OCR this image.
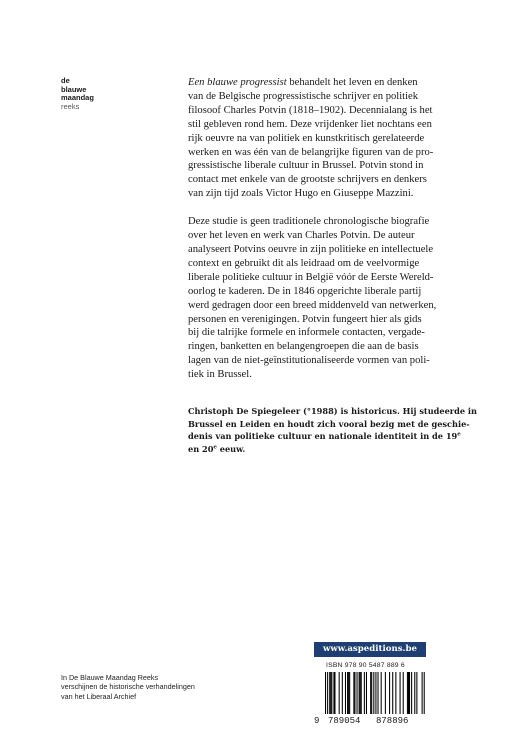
de
blauwe
maandag
reeks
Een blauwe progressist behandelt het leven en denken
van de Belgische progressistische schrijver en politiek
filosoof Charles Potvin (1818–1902). Decennialang is het
stil gebleven rond hem. Deze vrijdenker liet nochtans een
rijk oeuvre na van politiek en kunstkritisch gerelateerde
werken en was één van de belangrijke figuren van de pro-
gressistische liberale cultuur in Brussel. Potvin stond in
contact met enkele van de grootste schrijvers en denkers
van zijn tijd zoals Victor Hugo en Giuseppe Mazzini.
Deze studie is geen traditionele chronologische biografie
over het leven en werk van Charles Potvin. De auteur
analyseert Potvins oeuvre in zijn politieke en intellectuele
context en gebruikt dit als leidraad om de veelvormige
liberale politieke cultuur in België vóór de Eerste Wereld-
oorlog te kaderen. De in 1846 opgerichte liberale partij
werd gedragen door een breed middenveld van netwerken,
personen en verenigingen. Potvin fungeert hier als gids
bij die talrijke formele en informele contacten, vergade-
ringen, banketten en belangengroepen die aan de basis
lagen van de niet-geïnstitutionaliseerde vormen van poli-
tiek in Brussel.
Christoph De Spiegeleer (°1988) is historicus. Hij studeerde in
Brussel en Leiden en houdt zich vooral bezig met de geschie-
denis van politieke cultuur en nationale identiteit in de 19e
en 20e eeuw.
In De Blauwe Maandag Reeks
verschijnen de historische verhandelingen
van het Liberaal Archief
www.aspeditions.be
ISBN 978 90 5487 889 6
9 789054 878896
